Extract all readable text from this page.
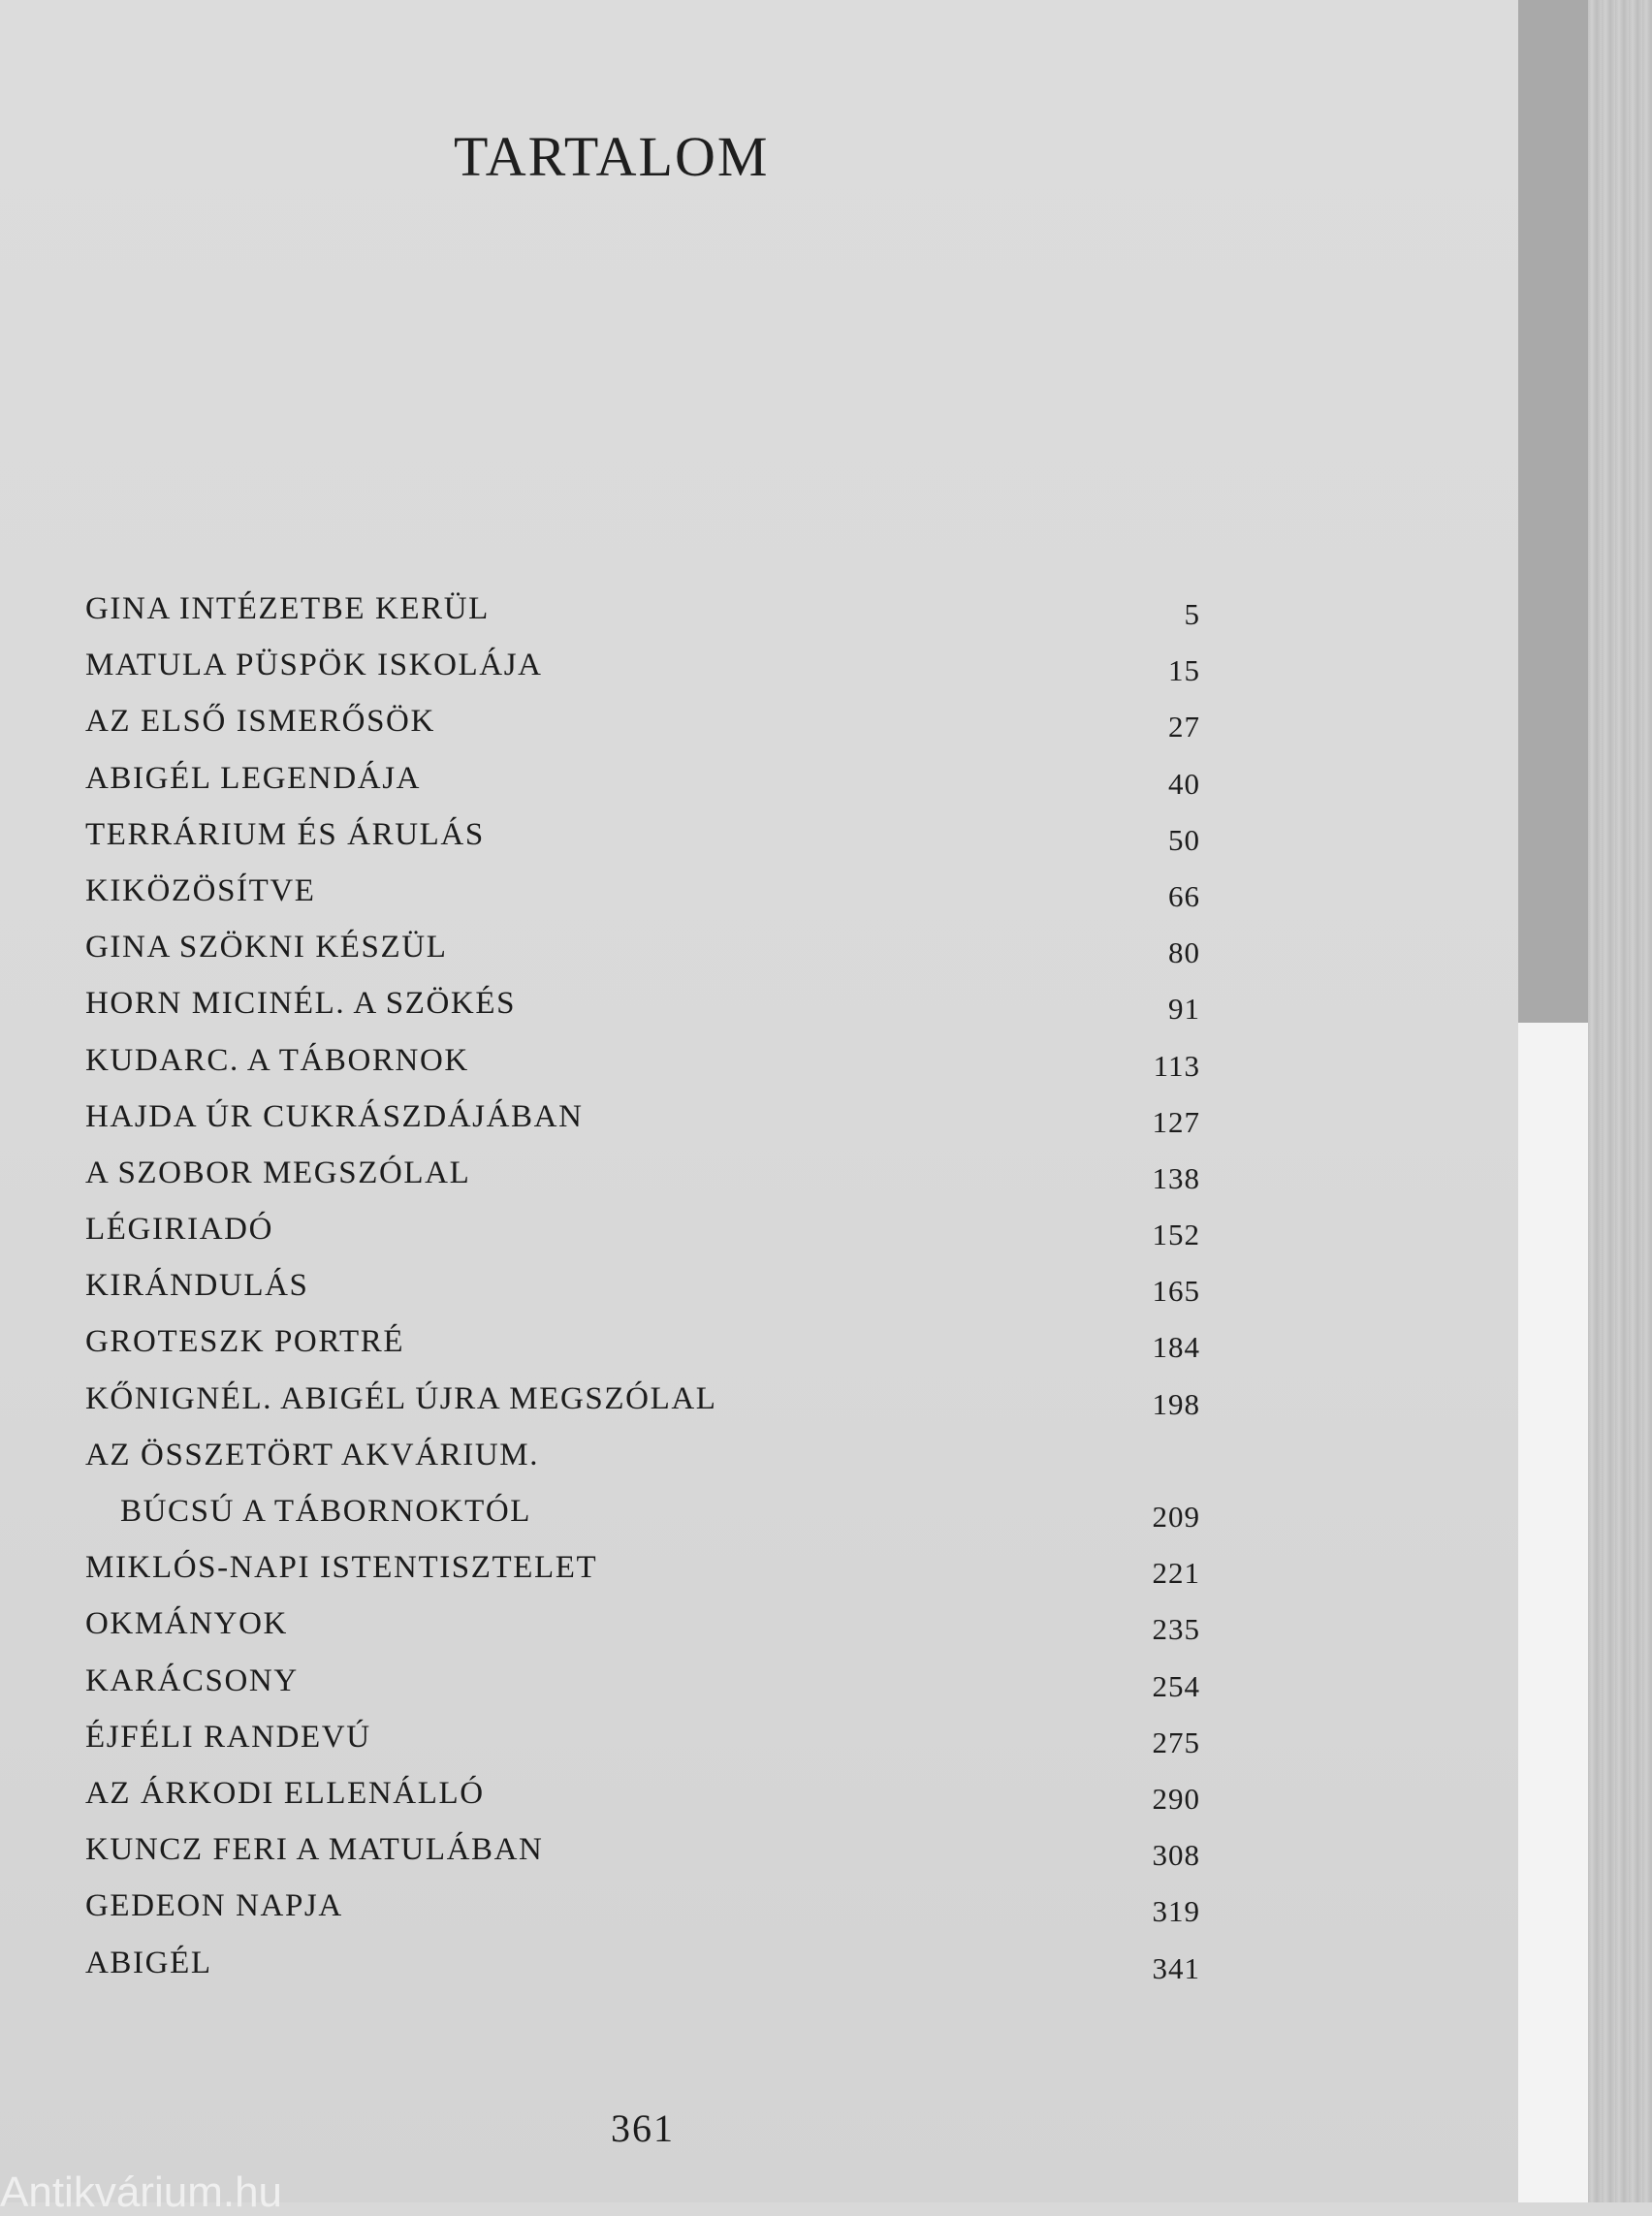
TARTALOM
GINA INTÉZETBE KERÜL	5
MATULA PÜSPÖK ISKOLÁJA	15
AZ ELSŐ ISMERŐSÖK	27
ABIGÉL LEGENDÁJA	40
TERRÁRIUM ÉS ÁRULÁS	50
KIKÖZÖSÍTVE	66
GINA SZÖKNI KÉSZÜL	80
HORN MICINÉL. A SZÖKÉS	91
KUDARC. A TÁBORNOK	113
HAJDA ÚR CUKRÁSZDÁJÁBAN	127
A SZOBOR MEGSZÓLAL	138
LÉGIRIADÓ	152
KIRÁNDULÁS	165
GROTESZK PORTRÉ	184
KŐNIGNÉL. ABIGÉL ÚJRA MEGSZÓLAL	198
AZ ÖSSZETÖRT AKVÁRIUM.
BÚCSÚ A TÁBORNOKTÓL	209
MIKLÓS-NAPI ISTENTISZTELET	221
OKMÁNYOK	235
KARÁCSONY	254
ÉJFÉLI RANDEVÚ	275
AZ ÁRKODI ELLENÁLLÓ	290
KUNCZ FERI A MATULÁBAN	308
GEDEON NAPJA	319
ABIGÉL	341
361
Antikvárium.hu
